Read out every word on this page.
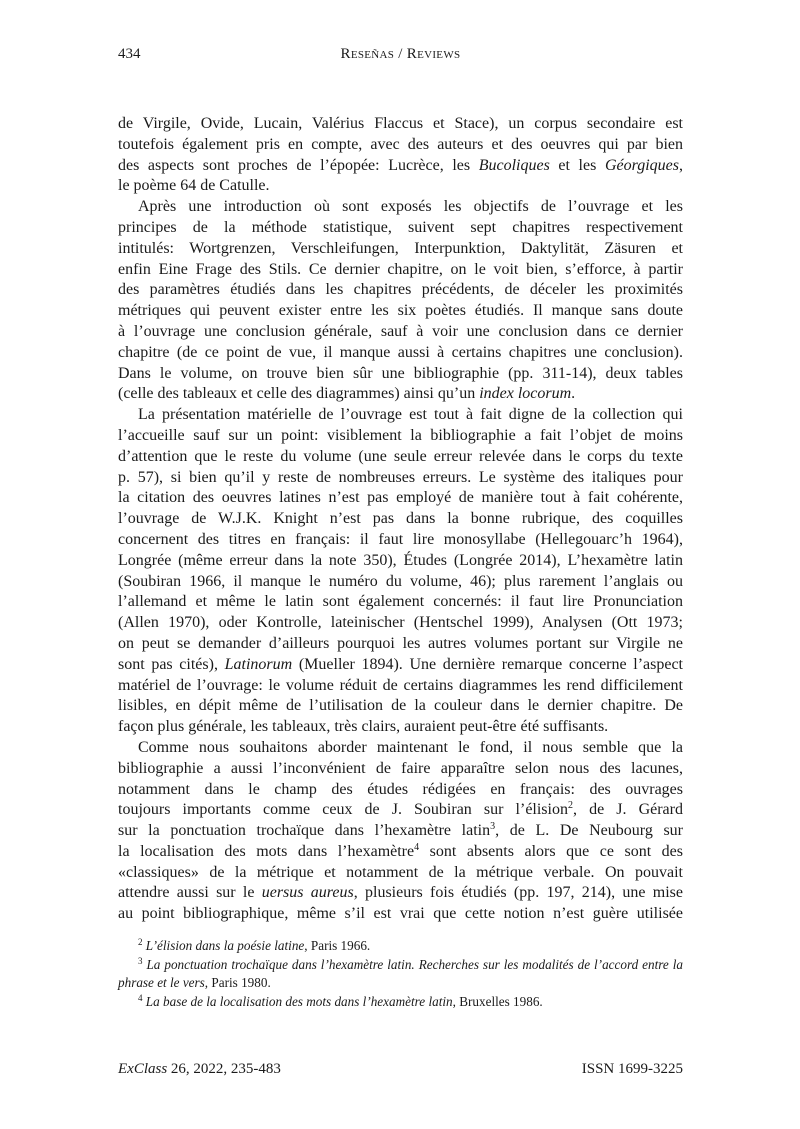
434	Reseñas / Reviews
de Virgile, Ovide, Lucain, Valérius Flaccus et Stace), un corpus secondaire est
toutefois également pris en compte, avec des auteurs et des oeuvres qui par bien
des aspects sont proches de l’épopée: Lucrèce, les Bucoliques et les Géorgiques,
le poème 64 de Catulle.
Après une introduction où sont exposés les objectifs de l’ouvrage et les
principes de la méthode statistique, suivent sept chapitres respectivement
intitulés: Wortgrenzen, Verschleifungen, Interpunktion, Daktylität, Zäsuren et
enfin Eine Frage des Stils. Ce dernier chapitre, on le voit bien, s’efforce, à partir
des paramètres étudiés dans les chapitres précédents, de déceler les proximités
métriques qui peuvent exister entre les six poètes étudiés. Il manque sans doute
à l’ouvrage une conclusion générale, sauf à voir une conclusion dans ce dernier
chapitre (de ce point de vue, il manque aussi à certains chapitres une conclusion).
Dans le volume, on trouve bien sûr une bibliographie (pp. 311-14), deux tables
(celle des tableaux et celle des diagrammes) ainsi qu’un index locorum.
La présentation matérielle de l’ouvrage est tout à fait digne de la collection qui
l’accueille sauf sur un point: visiblement la bibliographie a fait l’objet de moins
d’attention que le reste du volume (une seule erreur relevée dans le corps du texte
p. 57), si bien qu’il y reste de nombreuses erreurs. Le système des italiques pour
la citation des oeuvres latines n’est pas employé de manière tout à fait cohérente,
l’ouvrage de W.J.K. Knight n’est pas dans la bonne rubrique, des coquilles
concernent des titres en français: il faut lire monosyllabe (Hellegouarc’h 1964),
Longrée (même erreur dans la note 350), Études (Longrée 2014), L’hexamètre latin
(Soubiran 1966, il manque le numéro du volume, 46); plus rarement l’anglais ou
l’allemand et même le latin sont également concernés: il faut lire Pronunciation
(Allen 1970), oder Kontrolle, lateinischer (Hentschel 1999), Analysen (Ott 1973;
on peut se demander d’ailleurs pourquoi les autres volumes portant sur Virgile ne
sont pas cités), Latinorum (Mueller 1894). Une dernière remarque concerne l’aspect
matériel de l’ouvrage: le volume réduit de certains diagrammes les rend difficilement
lisibles, en dépit même de l’utilisation de la couleur dans le dernier chapitre. De
façon plus générale, les tableaux, très clairs, auraient peut-être été suffisants.
Comme nous souhaitons aborder maintenant le fond, il nous semble que la
bibliographie a aussi l’inconvénient de faire apparaître selon nous des lacunes,
notamment dans le champ des études rédigées en français: des ouvrages
toujours importants comme ceux de J. Soubiran sur l’élision$^2$, de J. Gérard
sur la ponctuation trochaïque dans l’hexamètre latin$^3$, de L. De Neubourg sur
la localisation des mots dans l’hexamètre$^4$ sont absents alors que ce sont des
«classiques» de la métrique et notamment de la métrique verbale. On pouvait
attendre aussi sur le uersus aureus, plusieurs fois étudiés (pp. 197, 214), une mise
au point bibliographique, même s’il est vrai que cette notion n’est guère utilisée
$^2$ L’élision dans la poésie latine, Paris 1966.
$^3$ La ponctuation trochaïque dans l’hexamètre latin. Recherches sur les modalités de l’accord entre la phrase et le vers, Paris 1980.
$^4$ La base de la localisation des mots dans l’hexamètre latin, Bruxelles 1986.
ExClass 26, 2022, 235-483	ISSN 1699-3225
